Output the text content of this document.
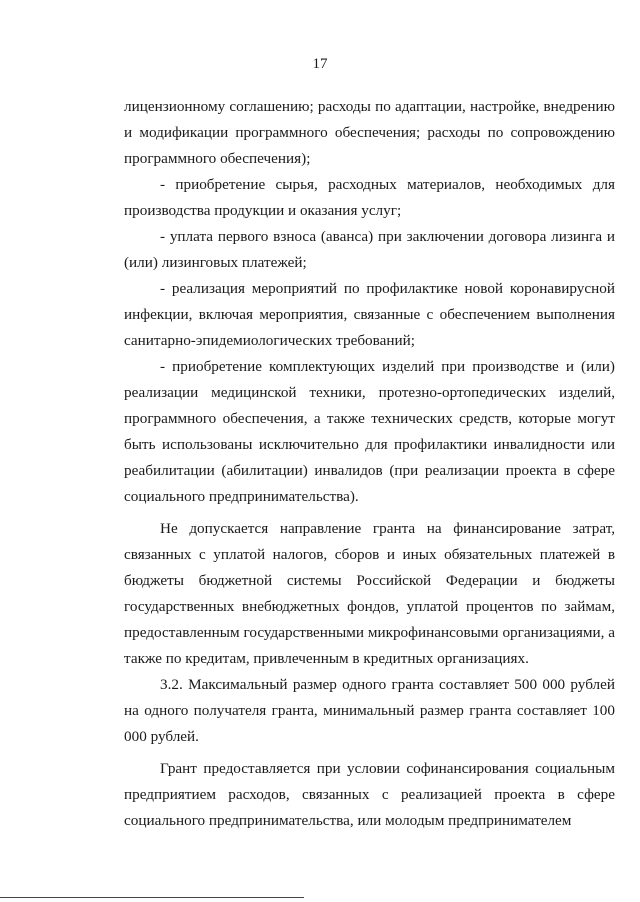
17

лицензионному соглашению; расходы по адаптации, настройке, внедрению и модификации программного обеспечения; расходы по сопровождению программного обеспечения);

- приобретение сырья, расходных материалов, необходимых для производства продукции и оказания услуг;

- уплата первого взноса (аванса) при заключении договора лизинга и (или) лизинговых платежей;

- реализация мероприятий по профилактике новой коронавирусной инфекции, включая мероприятия, связанные с обеспечением выполнения санитарно-эпидемиологических требований;

- приобретение комплектующих изделий при производстве и (или) реализации медицинской техники, протезно-ортопедических изделий, программного обеспечения, а также технических средств, которые могут быть использованы исключительно для профилактики инвалидности или реабилитации (абилитации) инвалидов (при реализации проекта в сфере социального предпринимательства).

Не допускается направление гранта на финансирование затрат, связанных с уплатой налогов, сборов и иных обязательных платежей в бюджеты бюджетной системы Российской Федерации и бюджеты государственных внебюджетных фондов, уплатой процентов по займам, предоставленным государственными микрофинансовыми организациями, а также по кредитам, привлеченным в кредитных организациях.

3.2. Максимальный размер одного гранта составляет 500 000 рублей на одного получателя гранта, минимальный размер гранта составляет 100 000 рублей.

Грант предоставляется при условии софинансирования социальным предприятием расходов, связанных с реализацией проекта в сфере социального предпринимательства, или молодым предпринимателем
